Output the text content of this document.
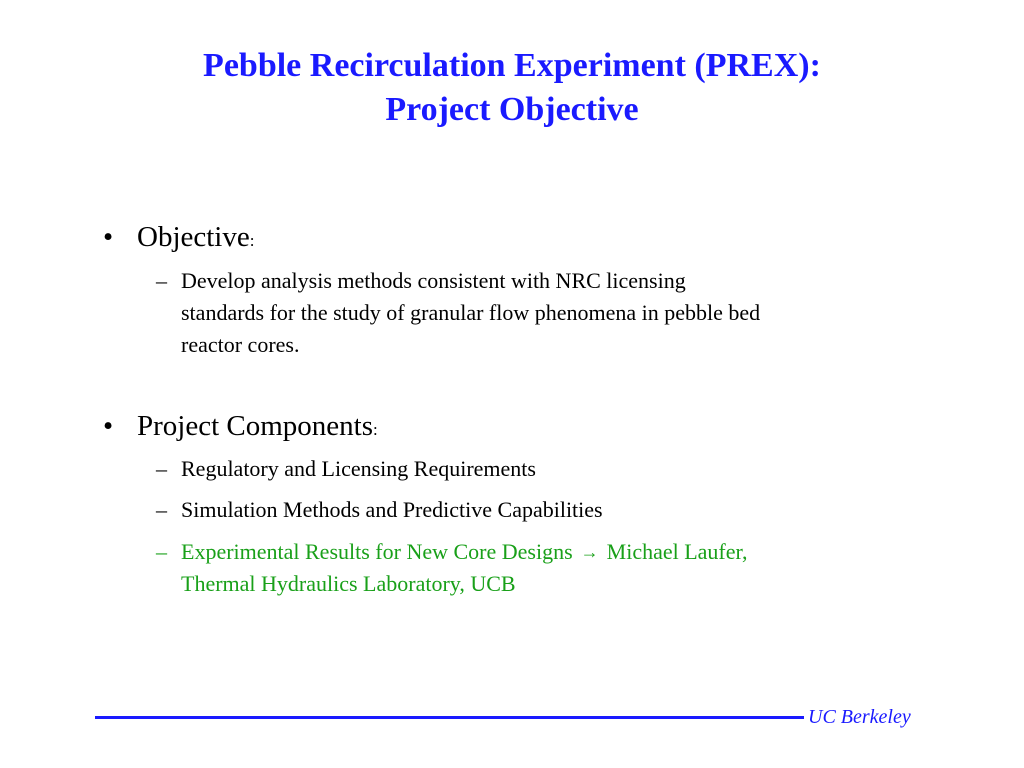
Pebble Recirculation Experiment (PREX):
Project Objective
• Objective:
– Develop analysis methods consistent with NRC licensing
standards for the study of granular flow phenomena in pebble bed
reactor cores.
• Project Components:
– Regulatory and Licensing Requirements
– Simulation Methods and Predictive Capabilities
– Experimental Results for New Core Designs → Michael Laufer,
Thermal Hydraulics Laboratory, UCB
UC Berkeley
